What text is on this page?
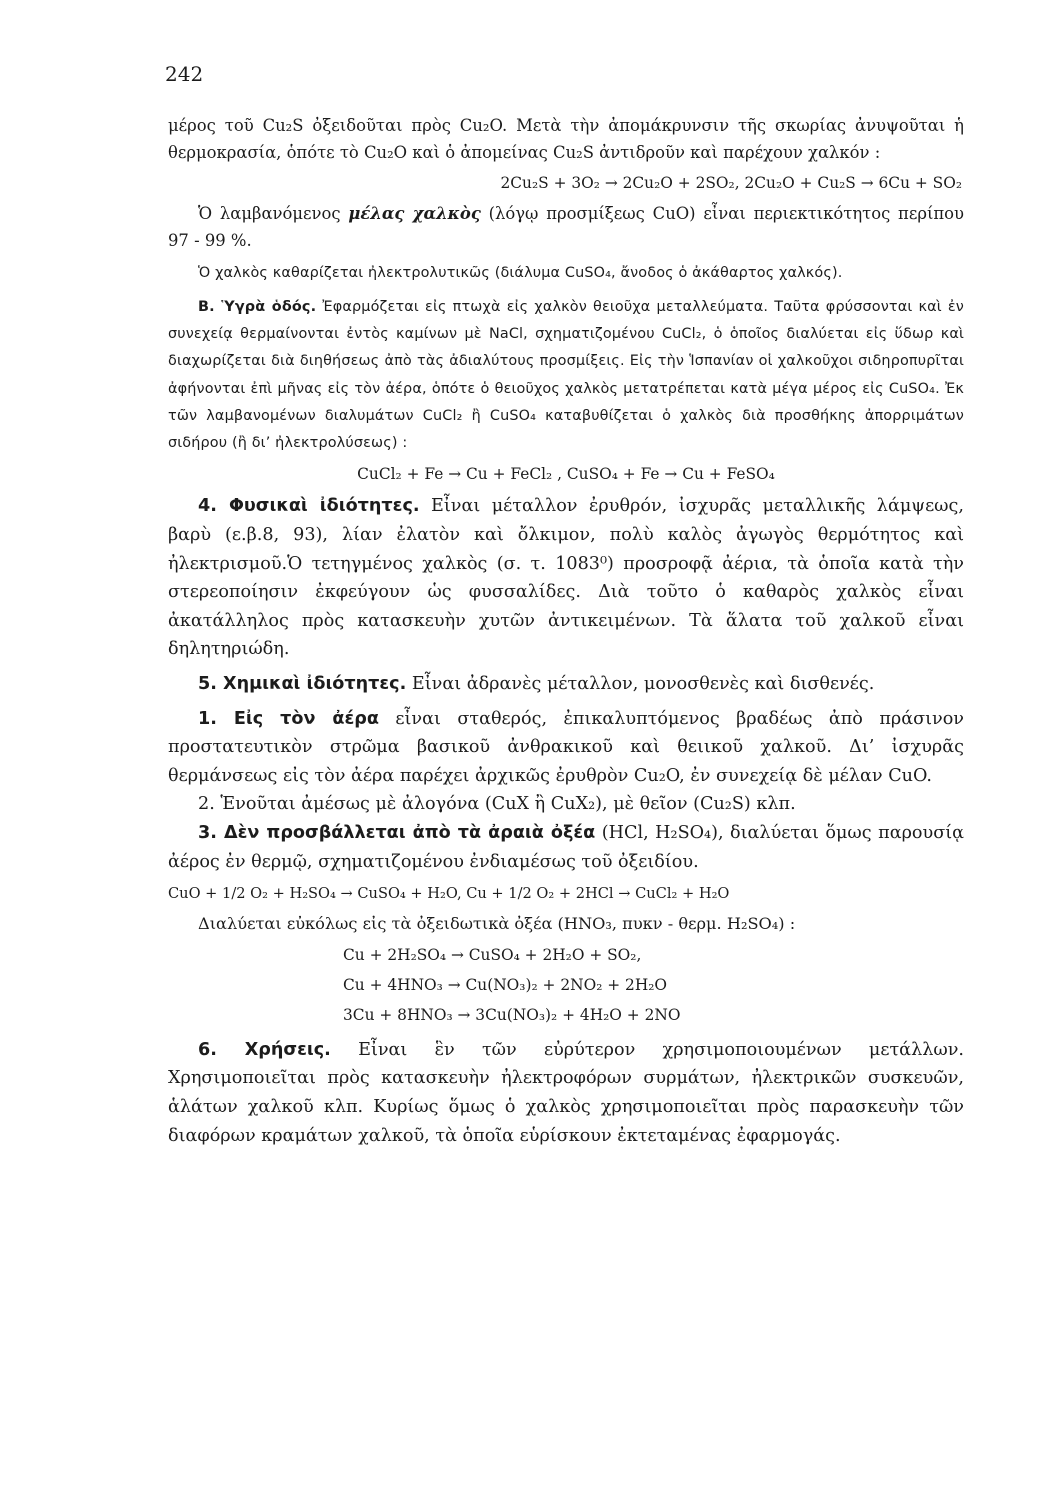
242

μέρος τοῦ Cu₂S ὀξειδοῦται πρὸς Cu₂O. Μετὰ τὴν ἀπομάκρυνσιν τῆς σκωρίας ἀνυψοῦται ἡ θερμοκρασία, ὁπότε τὸ Cu₂O καὶ ὁ ἀπομείνας Cu₂S ἀντιδροῦν καὶ παρέχουν χαλκόν :

2Cu₂S + 3O₂ → 2Cu₂O + 2SO₂, 2Cu₂O + Cu₂S → 6Cu + SO₂

Ὁ λαμβανόμενος μέλας χαλκὸς (λόγῳ προσμίξεως CuO) εἶναι περιεκτικότητος περίπου 97 - 99 %.

Ὁ χαλκὸς καθαρίζεται ἠλεκτρολυτικῶς (διάλυμα CuSO₄, ἄνοδος ὁ ἀκάθαρτος χαλκός).

Β. Ὑγρὰ ὁδός. Ἐφαρμόζεται εἰς πτωχὰ εἰς χαλκὸν θειοῦχα μεταλλεύματα. Ταῦτα φρύσσονται καὶ ἐν συνεχείᾳ θερμαίνονται ἐντὸς καμίνων μὲ NaCl, σχηματιζομένου CuCl₂, ὁ ὁποῖος διαλύεται εἰς ὕδωρ καὶ διαχωρίζεται διὰ διηθήσεως ἀπὸ τὰς ἀδιαλύτους προσμίξεις. Εἰς τὴν Ἱσπανίαν οἱ χαλκοῦχοι σιδηροπυρῖται ἀφήνονται ἐπὶ μῆνας εἰς τὸν ἀέρα, ὁπότε ὁ θειοῦχος χαλκὸς μετατρέπεται κατὰ μέγα μέρος εἰς CuSO₄. Ἐκ τῶν λαμβανομένων διαλυμάτων CuCl₂ ἢ CuSO₄ καταβυθίζεται ὁ χαλκὸς διὰ προσθήκης ἀπορριμάτων σιδήρου (ἢ δι’ ἠλεκτρολύσεως) :

CuCl₂ + Fe → Cu + FeCl₂ , CuSO₄ + Fe → Cu + FeSO₄

4. Φυσικαὶ ἰδιότητες. Εἶναι μέταλλον ἐρυθρόν, ἰσχυρᾶς μεταλλικῆς λάμψεως, βαρὺ (ε.β.8, 93), λίαν ἐλατὸν καὶ ὄλκιμον, πολὺ καλὸς ἀγωγὸς θερμότητος καὶ ἠλεκτρισμοῦ.Ὁ τετηγμένος χαλκὸς (σ. τ. 1083⁰) προσροφᾷ ἀέρια, τὰ ὁποῖα κατὰ τὴν στερεοποίησιν ἐκφεύγουν ὡς φυσσαλίδες. Διὰ τοῦτο ὁ καθαρὸς χαλκὸς εἶναι ἀκατάλληλος πρὸς κατασκευὴν χυτῶν ἀντικειμένων. Τὰ ἅλατα τοῦ χαλκοῦ εἶναι δηλητηριώδη.

5. Χημικαὶ ἰδιότητες. Εἶναι ἀδρανὲς μέταλλον, μονοσθενὲς καὶ δισθενές.

1. Εἰς τὸν ἀέρα εἶναι σταθερός, ἐπικαλυπτόμενος βραδέως ἀπὸ πράσινον προστατευτικὸν στρῶμα βασικοῦ ἀνθρακικοῦ καὶ θειικοῦ χαλκοῦ. Δι’ ἰσχυρᾶς θερμάνσεως εἰς τὸν ἀέρα παρέχει ἀρχικῶς ἐρυθρὸν Cu₂O, ἐν συνεχείᾳ δὲ μέλαν CuO.

2. Ἑνοῦται ἀμέσως μὲ ἀλογόνα (CuX ἢ CuX₂), μὲ θεῖον (Cu₂S) κλπ.

3. Δὲν προσβάλλεται ἀπὸ τὰ ἀραιὰ ὀξέα (HCl, H₂SO₄), διαλύεται ὅμως παρουσίᾳ ἀέρος ἐν θερμῷ, σχηματιζομένου ἐνδιαμέσως τοῦ ὀξειδίου.

CuO + 1/2 O₂ + H₂SO₄ → CuSO₄ + H₂O, Cu + 1/2 O₂ + 2HCl → CuCl₂ + H₂O

Διαλύεται εὐκόλως εἰς τὰ ὀξειδωτικὰ ὀξέα (HNO₃, πυκν - θερμ. H₂SO₄) :

Cu + 2H₂SO₄ → CuSO₄ + 2H₂O + SO₂,

Cu + 4HNO₃ → Cu(NO₃)₂ + 2NO₂ + 2H₂O

3Cu + 8HNO₃ → 3Cu(NO₃)₂ + 4H₂O + 2NO

6. Χρήσεις. Εἶναι ἓν τῶν εὐρύτερον χρησιμοποιουμένων μετάλλων. Χρησιμοποιεῖται πρὸς κατασκευὴν ἠλεκτροφόρων συρμάτων, ἠλεκτρικῶν συσκευῶν, ἁλάτων χαλκοῦ κλπ. Κυρίως ὅμως ὁ χαλκὸς χρησιμοποιεῖται πρὸς παρασκευὴν τῶν διαφόρων κραμάτων χαλκοῦ, τὰ ὁποῖα εὑρίσκουν ἐκτεταμένας ἐφαρμογάς.
